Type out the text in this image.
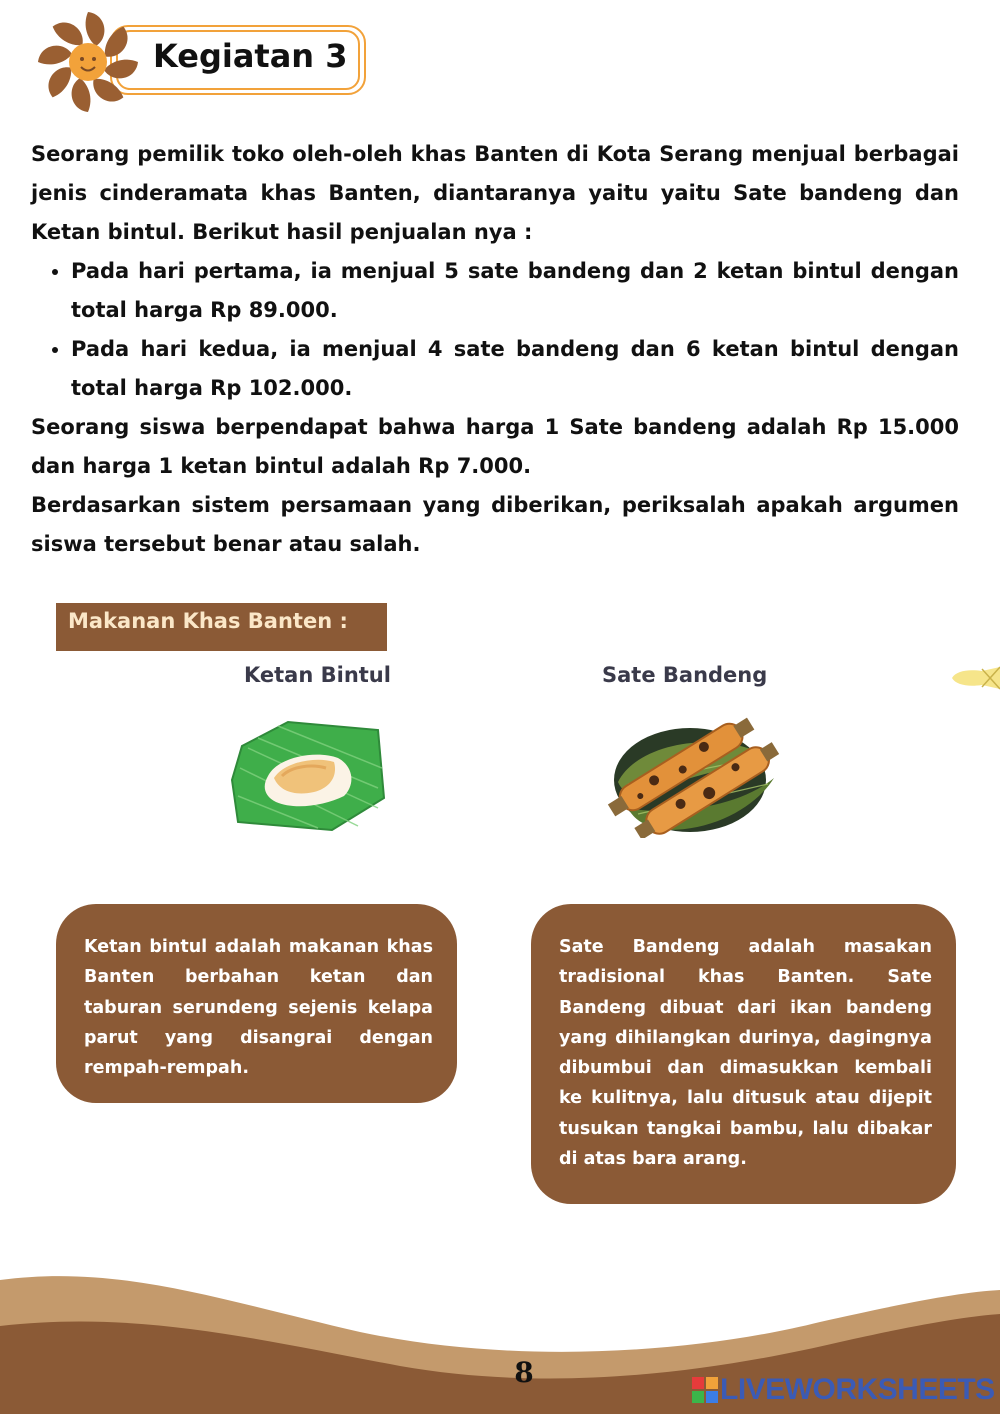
Kegiatan 3

Seorang pemilik toko oleh-oleh khas Banten di Kota Serang menjual berbagai jenis cinderamata khas Banten, diantaranya yaitu yaitu Sate bandeng dan Ketan bintul. Berikut hasil penjualan nya :

• Pada hari pertama, ia menjual 5 sate bandeng dan 2 ketan bintul dengan total harga Rp 89.000.
• Pada hari kedua, ia menjual 4 sate bandeng dan 6 ketan bintul dengan total harga Rp 102.000.

Seorang siswa berpendapat bahwa harga 1 Sate bandeng adalah Rp 15.000 dan harga 1 ketan bintul adalah Rp 7.000.

Berdasarkan sistem persamaan yang diberikan, periksalah apakah argumen siswa tersebut benar atau salah.

Makanan Khas Banten :
Ketan Bintul	Sate Bandeng
Ketan bintul adalah makanan khas Banten berbahan ketan dan taburan serundeng sejenis kelapa parut yang disangrai dengan rempah-rempah.
Sate Bandeng adalah masakan tradisional khas Banten. Sate Bandeng dibuat dari ikan bandeng yang dihilangkan durinya, dagingnya dibumbui dan dimasukkan kembali ke kulitnya, lalu ditusuk atau dijepit tusukan tangkai bambu, lalu dibakar di atas bara arang.
8
LIVEWORKSHEETS
